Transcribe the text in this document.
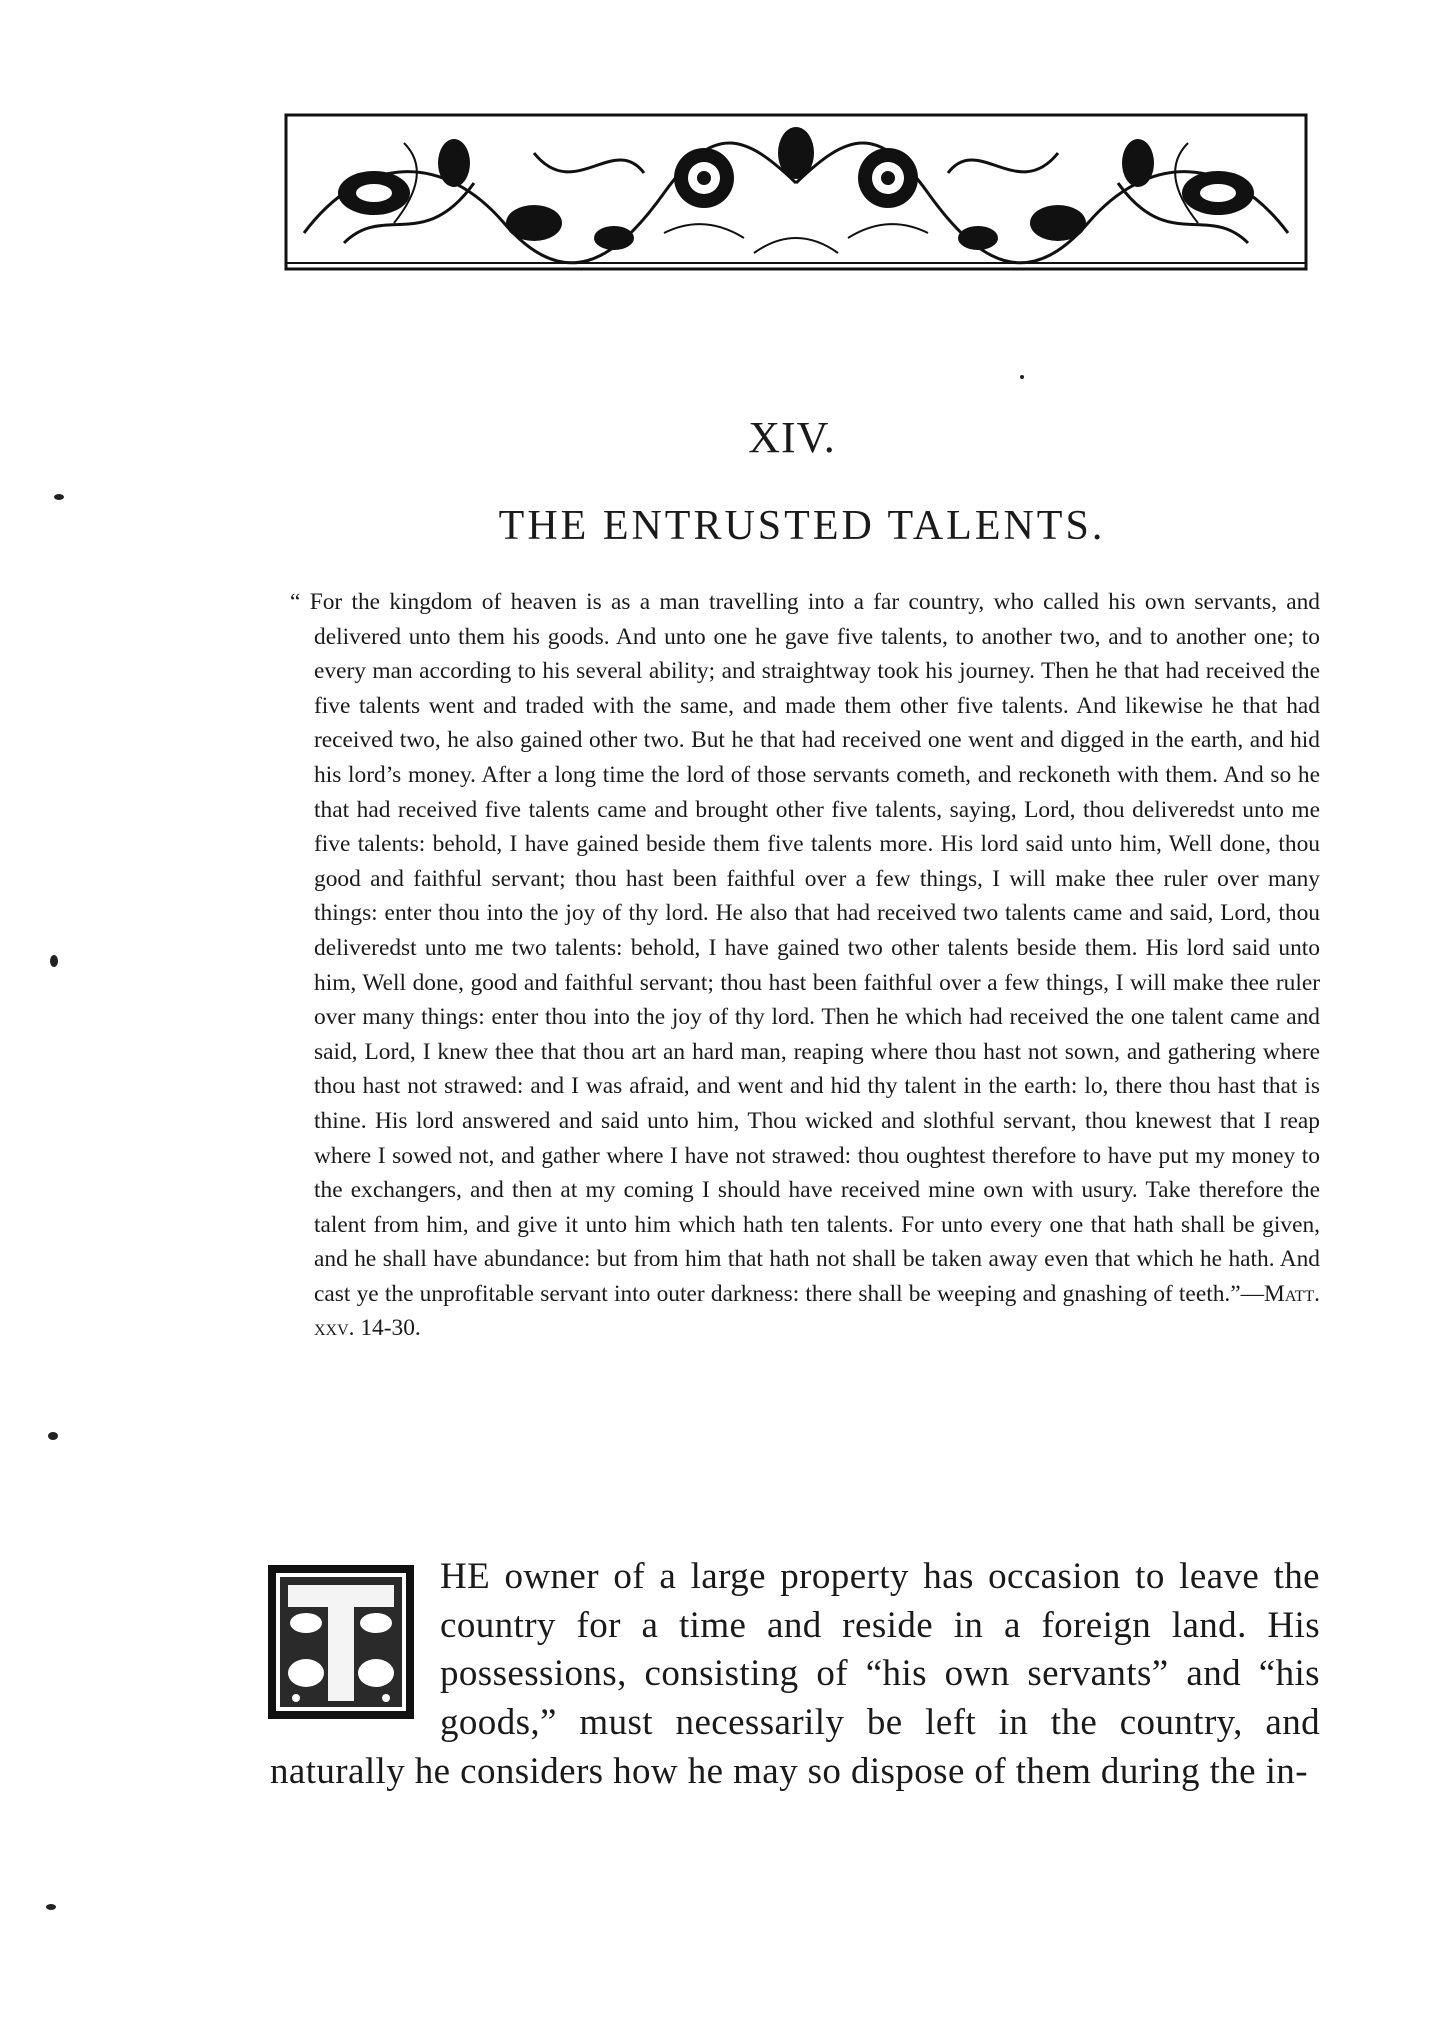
XIV.
THE ENTRUSTED TALENTS.
“ For the kingdom of heaven is as a man travelling into a far country, who called his own servants, and delivered unto them his goods. And unto one he gave five talents, to another two, and to another one; to every man according to his several ability; and straightway took his journey. Then he that had received the five talents went and traded with the same, and made them other five talents. And likewise he that had received two, he also gained other two. But he that had received one went and digged in the earth, and hid his lord’s money. After a long time the lord of those servants cometh, and reckoneth with them. And so he that had received five talents came and brought other five talents, saying, Lord, thou deliveredst unto me five talents: behold, I have gained beside them five talents more. His lord said unto him, Well done, thou good and faithful servant; thou hast been faithful over a few things, I will make thee ruler over many things: enter thou into the joy of thy lord. He also that had received two talents came and said, Lord, thou deliveredst unto me two talents: behold, I have gained two other talents beside them. His lord said unto him, Well done, good and faithful servant; thou hast been faithful over a few things, I will make thee ruler over many things: enter thou into the joy of thy lord. Then he which had received the one talent came and said, Lord, I knew thee that thou art an hard man, reaping where thou hast not sown, and gathering where thou hast not strawed: and I was afraid, and went and hid thy talent in the earth: lo, there thou hast that is thine. His lord answered and said unto him, Thou wicked and slothful servant, thou knewest that I reap where I sowed not, and gather where I have not strawed: thou oughtest therefore to have put my money to the exchangers, and then at my coming I should have received mine own with usury. Take therefore the talent from him, and give it unto him which hath ten talents. For unto every one that hath shall be given, and he shall have abundance: but from him that hath not shall be taken away even that which he hath. And cast ye the unprofitable servant into outer darkness: there shall be weeping and gnashing of teeth.”—Matt. xxv. 14-30.
HE owner of a large property has occasion to leave the country for a time and reside in a foreign land. His possessions, consisting of “his own servants” and “his goods,” must necessarily be left in the country, and naturally he considers how he may so dispose of them during the in-
